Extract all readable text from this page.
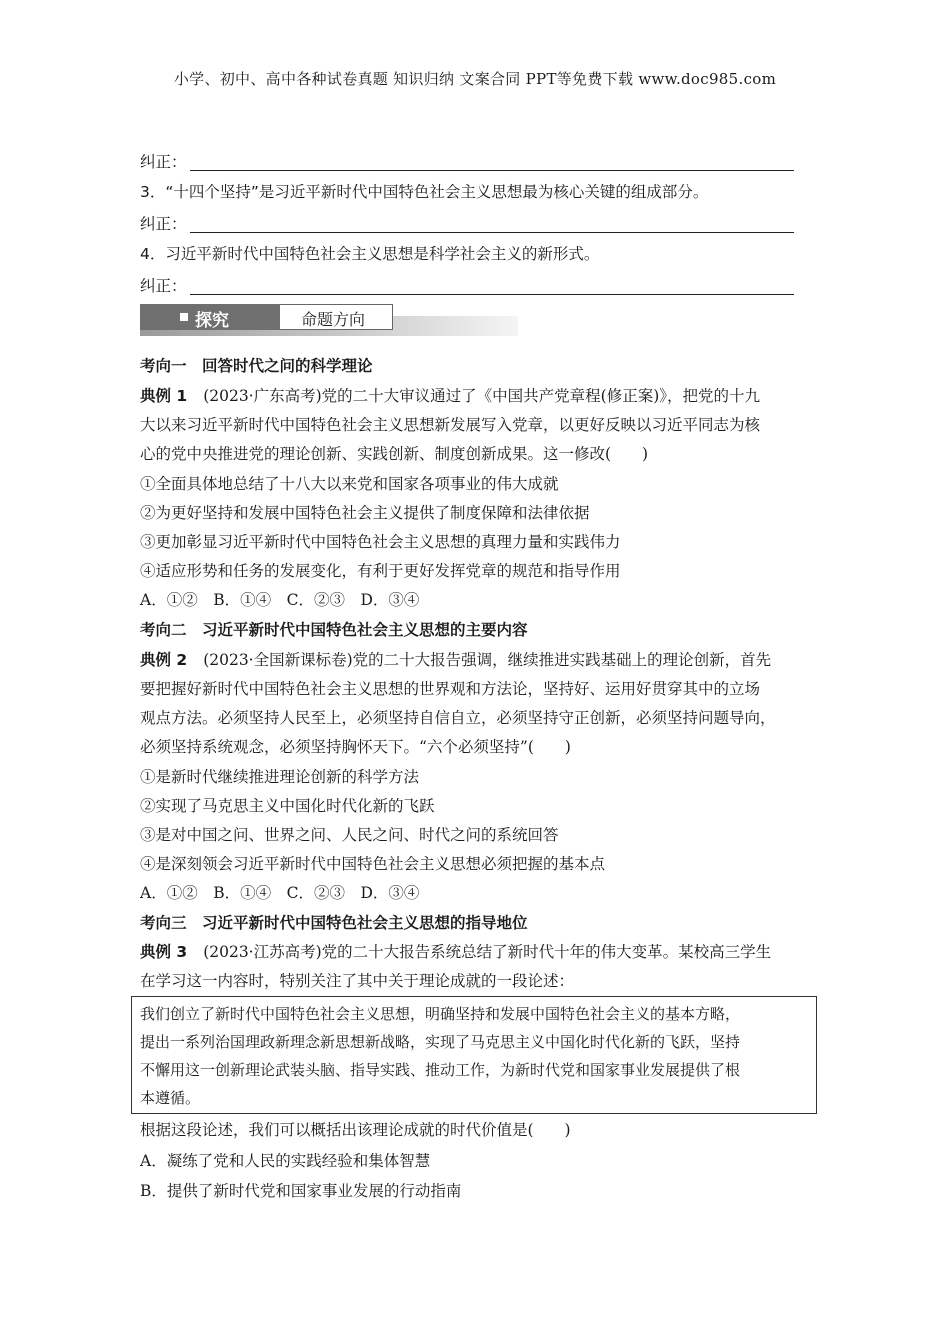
小学、初中、高中各种试卷真题 知识归纳 文案合同 PPT等免费下载 www.doc985.com
纠正：
3．“十四个坚持”是习近平新时代中国特色社会主义思想最为核心关键的组成部分。
纠正：
4．习近平新时代中国特色社会主义思想是科学社会主义的新形式。
纠正：
探究	命题方向
考向一　回答时代之问的科学理论
典例 1 (2023·广东高考)党的二十大审议通过了《中国共产党章程(修正案)》，把党的十九
大以来习近平新时代中国特色社会主义思想新发展写入党章，以更好反映以习近平同志为核
心的党中央推进党的理论创新、实践创新、制度创新成果。这一修改(　　)
①全面具体地总结了十八大以来党和国家各项事业的伟大成就
②为更好坚持和发展中国特色社会主义提供了制度保障和法律依据
③更加彰显习近平新时代中国特色社会主义思想的真理力量和实践伟力
④适应形势和任务的发展变化，有利于更好发挥党章的规范和指导作用
A．①②　B．①④　C．②③　D．③④
考向二　习近平新时代中国特色社会主义思想的主要内容
典例 2 (2023·全国新课标卷)党的二十大报告强调，继续推进实践基础上的理论创新，首先
要把握好新时代中国特色社会主义思想的世界观和方法论，坚持好、运用好贯穿其中的立场
观点方法。必须坚持人民至上，必须坚持自信自立，必须坚持守正创新，必须坚持问题导向，
必须坚持系统观念，必须坚持胸怀天下。“六个必须坚持”(　　)
①是新时代继续推进理论创新的科学方法
②实现了马克思主义中国化时代化新的飞跃
③是对中国之问、世界之问、人民之问、时代之问的系统回答
④是深刻领会习近平新时代中国特色社会主义思想必须把握的基本点
A．①②　B．①④　C．②③　D．③④
考向三　习近平新时代中国特色社会主义思想的指导地位
典例 3 (2023·江苏高考)党的二十大报告系统总结了新时代十年的伟大变革。某校高三学生
在学习这一内容时，特别关注了其中关于理论成就的一段论述：
我们创立了新时代中国特色社会主义思想，明确坚持和发展中国特色社会主义的基本方略，
提出一系列治国理政新理念新思想新战略，实现了马克思主义中国化时代化新的飞跃，坚持
不懈用这一创新理论武装头脑、指导实践、推动工作，为新时代党和国家事业发展提供了根
本遵循。
根据这段论述，我们可以概括出该理论成就的时代价值是(　　)
A．凝练了党和人民的实践经验和集体智慧
B．提供了新时代党和国家事业发展的行动指南
